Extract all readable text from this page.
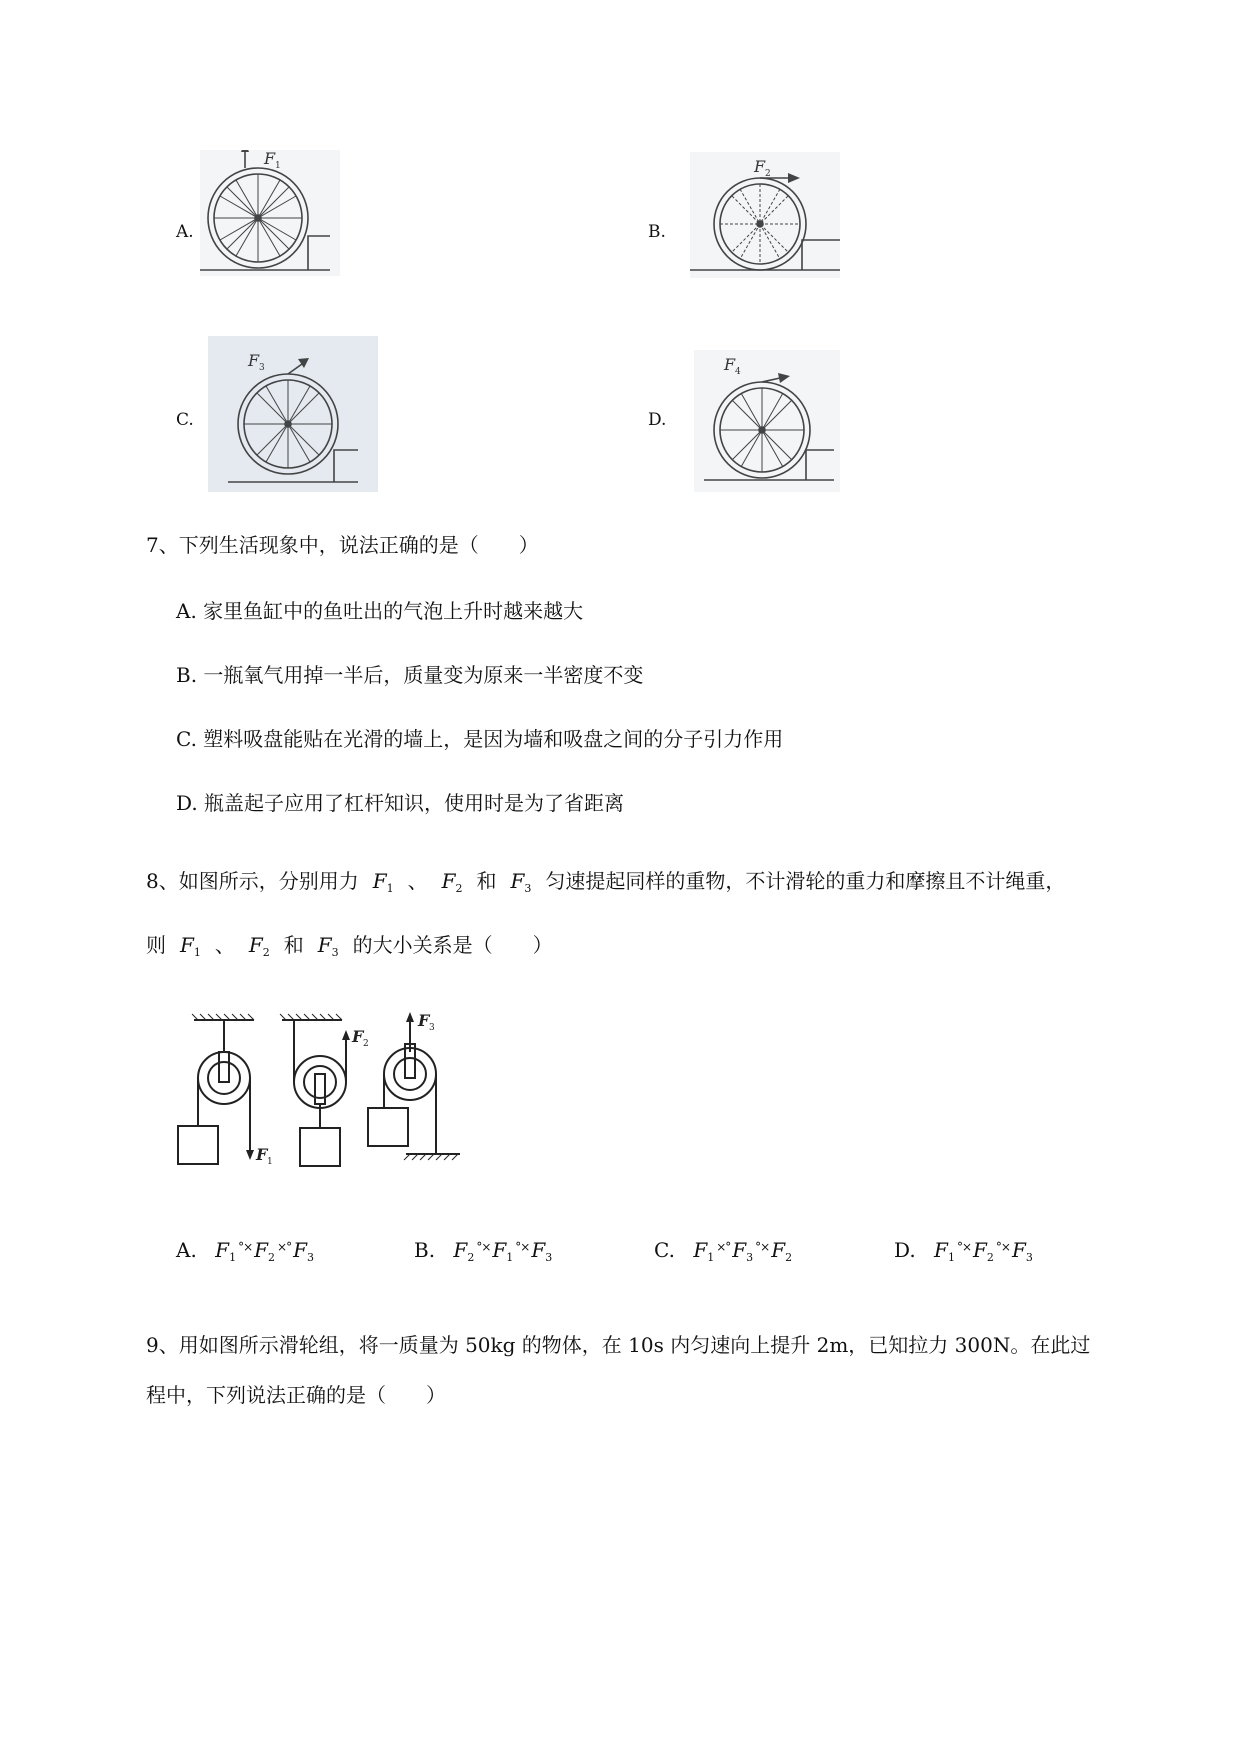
A.
F 1
B.
F 2
C.
F 3
D.
F 4
7、下列生活现象中，说法正确的是（　　）
A. 家里鱼缸中的鱼吐出的气泡上升时越来越大
B. 一瓶氧气用掉一半后，质量变为原来一半密度不变
C. 塑料吸盘能贴在光滑的墙上，是因为墙和吸盘之间的分子引力作用
D. 瓶盖起子应用了杠杆知识，使用时是为了省距离
8、如图所示，分别用力 $F_1$ 、 $F_2$ 和 $F_3$ 匀速提起同样的重物，不计滑轮的重力和摩擦且不计绳重，
则 $F_1$ 、 $F_2$ 和 $F_3$ 的大小关系是（　　）
F 1
F 2
F 3
A. $F_1^{^\circ\times}$ $F_2^{\times^\circ}$ $F_3$	B. $F_2^{^\circ\times}$ $F_1^{^\circ\times}$ $F_3$	C. $F_1^{\times^\circ}$ $F_3^{^\circ\times}$ $F_2$	D. $F_1^{^\circ\times}$ $F_2^{^\circ\times}$ $F_3$
9、用如图所示滑轮组，将一质量为 50kg 的物体，在 10s 内匀速向上提升 2m，已知拉力 300N。在此过
程中，下列说法正确的是（　　）
